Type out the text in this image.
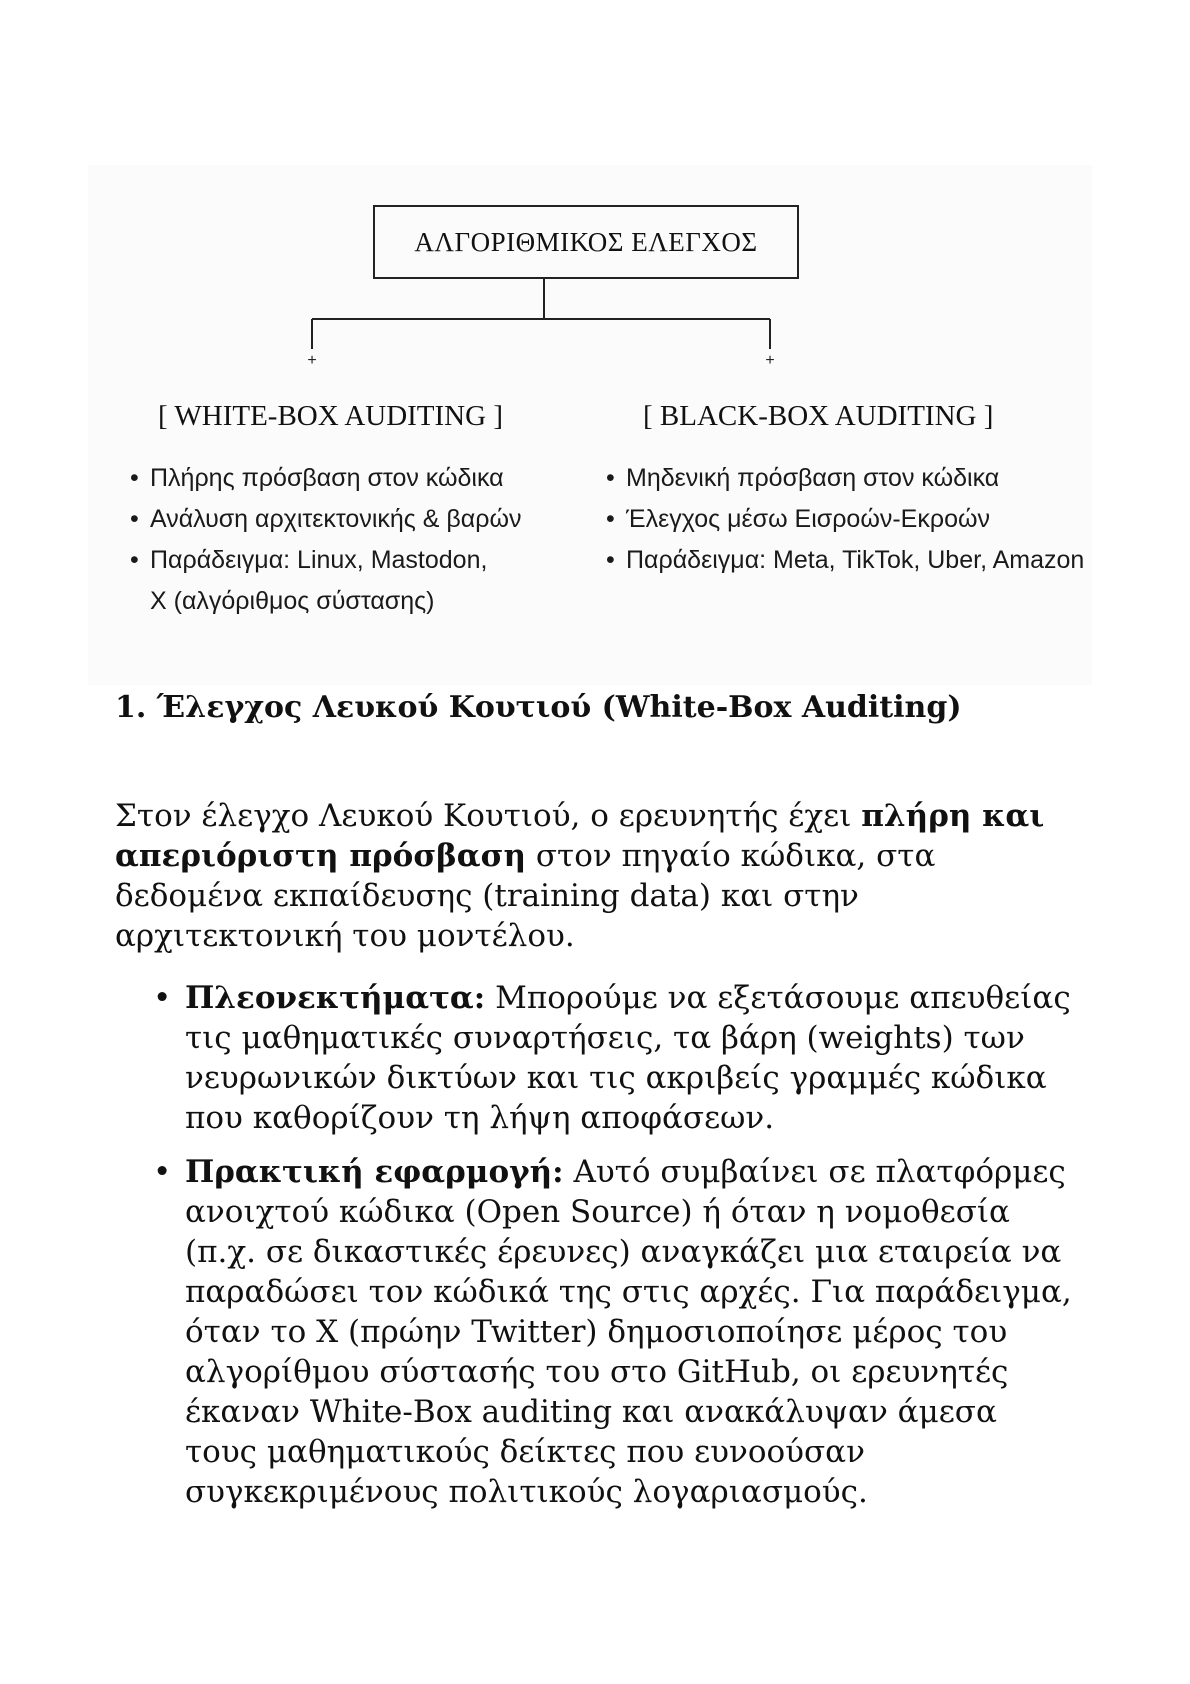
+	+
ΑΛΓΟΡΙΘΜΙΚΟΣ ΕΛΕΓΧΟΣ
[ WHITE-BOX AUDITING ]	[ BLACK-BOX AUDITING ]
• Πλήρης πρόσβαση στον κώδικα
• Ανάλυση αρχιτεκτονικής & βαρών
• Παράδειγμα: Linux, Mastodon,
X (αλγόριθμος σύστασης)
• Μηδενική πρόσβαση στον κώδικα
• Έλεγχος μέσω Εισροών-Εκροών
• Παράδειγμα: Meta, TikTok, Uber, Amazon
1. Έλεγχος Λευκού Κουτιού (White-Box Auditing)

Στον έλεγχο Λευκού Κουτιού, ο ερευνητής έχει πλήρη και απεριόριστη πρόσβαση στον πηγαίο κώδικα, στα δεδομένα εκπαίδευσης (training data) και στην αρχιτεκτονική του μοντέλου.

• Πλεονεκτήματα: Μπορούμε να εξετάσουμε απευθείας τις μαθηματικές συναρτήσεις, τα βάρη (weights) των νευρωνικών δικτύων και τις ακριβείς γραμμές κώδικα που καθορίζουν τη λήψη αποφάσεων.
• Πρακτική εφαρμογή: Αυτό συμβαίνει σε πλατφόρμες ανοιχτού κώδικα (Open Source) ή όταν η νομοθεσία (π.χ. σε δικαστικές έρευνες) αναγκάζει μια εταιρεία να παραδώσει τον κώδικά της στις αρχές. Για παράδειγμα, όταν το X (πρώην Twitter) δημοσιοποίησε μέρος του αλγορίθμου σύστασής του στο GitHub, οι ερευνητές έκαναν White-Box auditing και ανακάλυψαν άμεσα τους μαθηματικούς δείκτες που ευνοούσαν συγκεκριμένους πολιτικούς λογαριασμούς.
